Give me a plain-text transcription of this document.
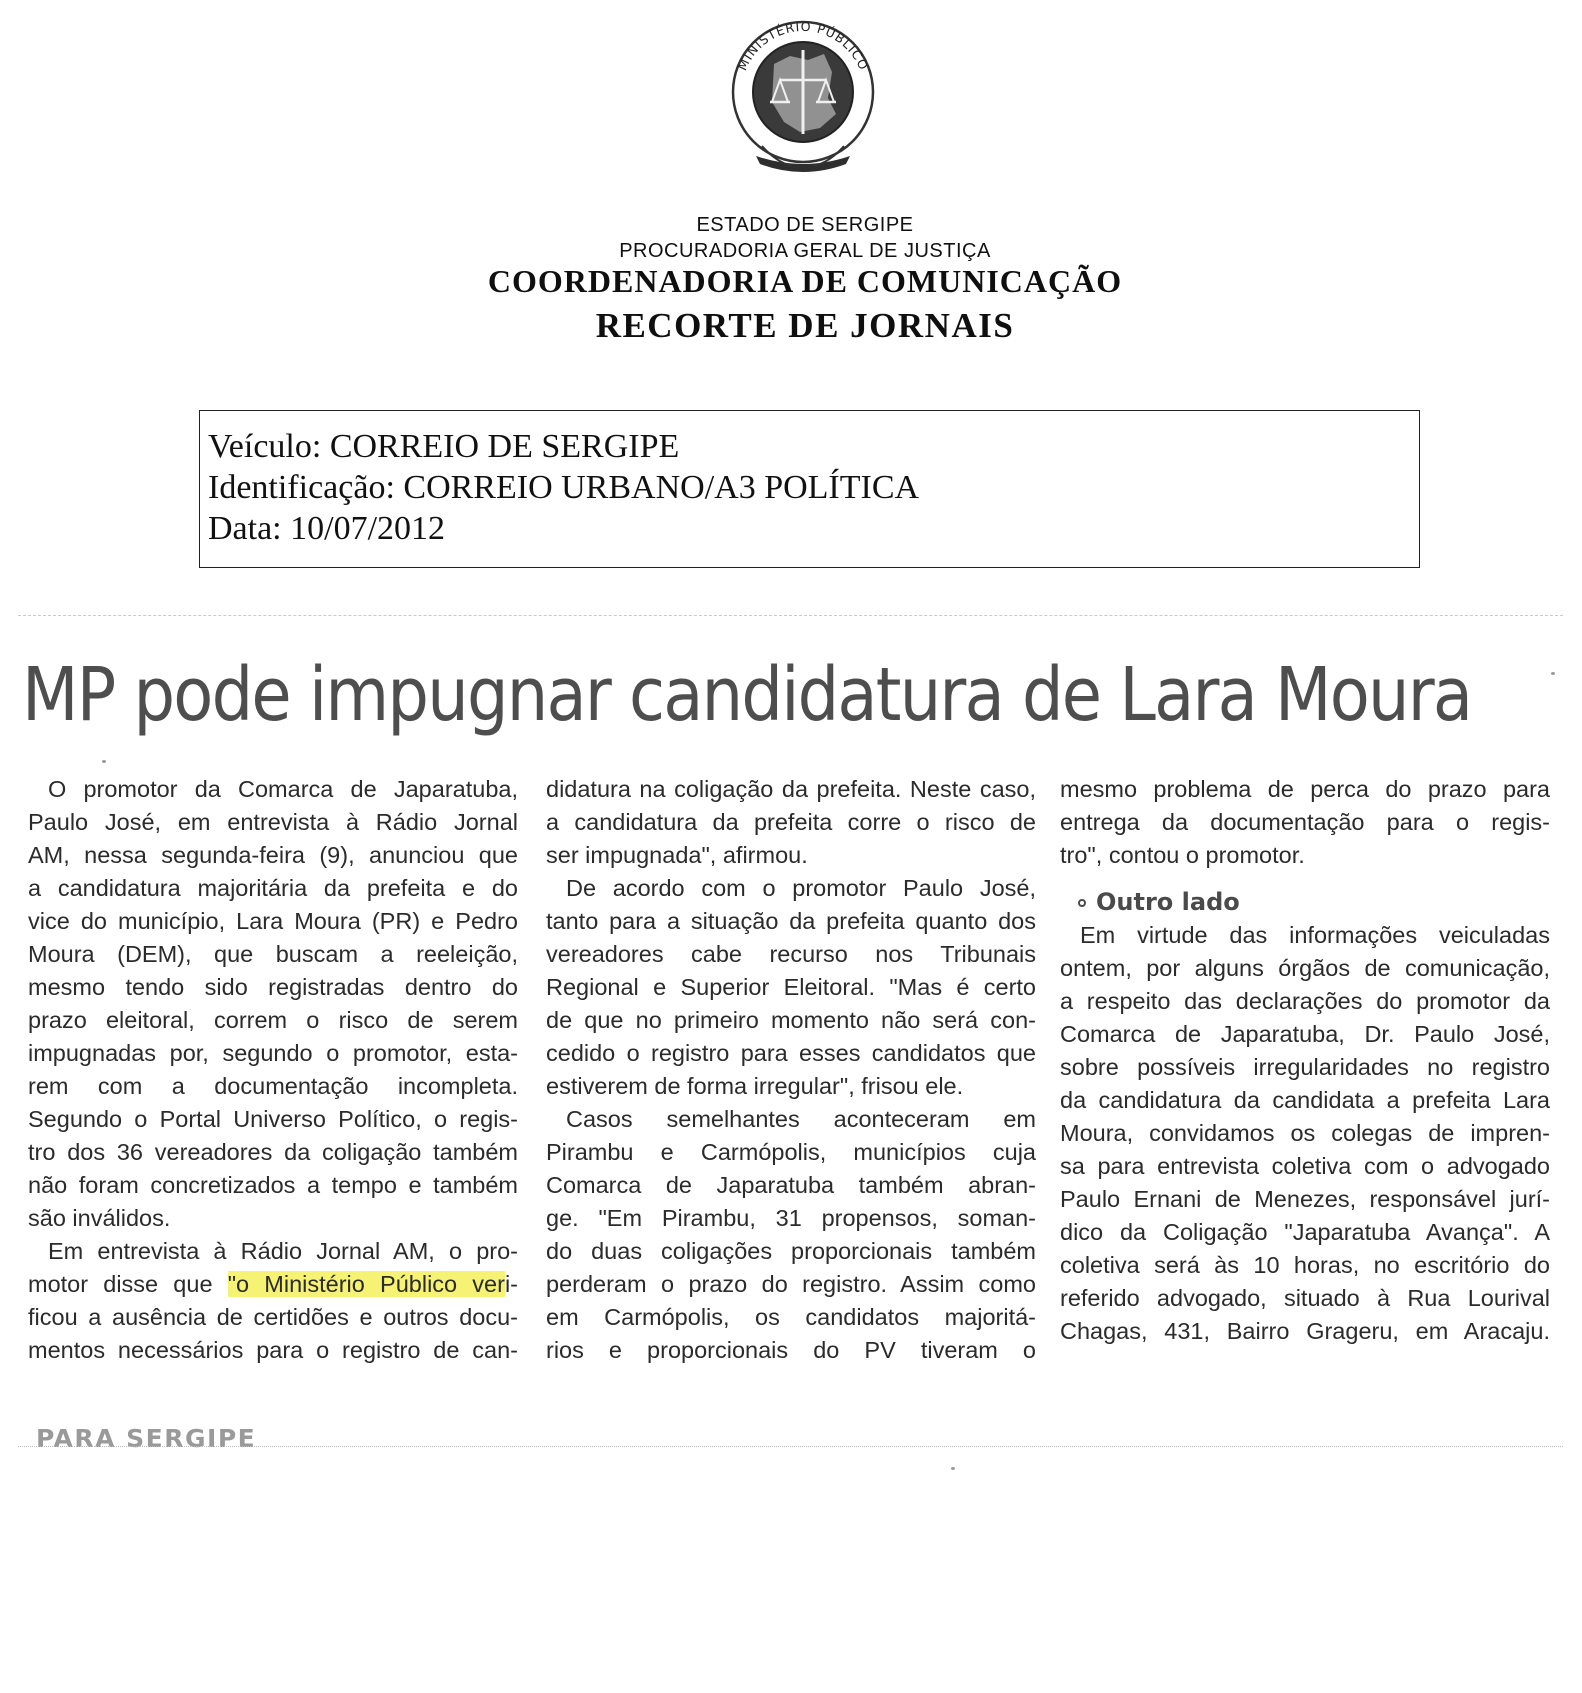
MINISTÉRIO PÚBLICO
ESTADO DE SERGIPE
PROCURADORIA GERAL DE JUSTIÇA
COORDENADORIA DE COMUNICAÇÃO
RECORTE DE JORNAIS
Veículo: CORREIO DE SERGIPE
Identificação: CORREIO URBANO/A3 POLÍTICA
Data: 10/07/2012
MP pode impugnar candidatura de Lara Moura
O promotor da Comarca de Japaratuba,
Paulo José, em entrevista à Rádio Jornal
AM, nessa segunda-feira (9), anunciou que
a candidatura majoritária da prefeita e do
vice do município, Lara Moura (PR) e Pedro
Moura (DEM), que buscam a reeleição,
mesmo tendo sido registradas dentro do
prazo eleitoral, correm o risco de serem
impugnadas por, segundo o promotor, esta-
rem com a documentação incompleta.
Segundo o Portal Universo Político, o regis-
tro dos 36 vereadores da coligação também
não foram concretizados a tempo e também
são inválidos.
Em entrevista à Rádio Jornal AM, o pro-
motor disse que "o Ministério Público veri-
ficou a ausência de certidões e outros docu-
mentos necessários para o registro de can-
didatura na coligação da prefeita. Neste caso,
a candidatura da prefeita corre o risco de
ser impugnada", afirmou.
De acordo com o promotor Paulo José,
tanto para a situação da prefeita quanto dos
vereadores cabe recurso nos Tribunais
Regional e Superior Eleitoral. "Mas é certo
de que no primeiro momento não será con-
cedido o registro para esses candidatos que
estiverem de forma irregular", frisou ele.
Casos semelhantes aconteceram em
Pirambu e Carmópolis, municípios cuja
Comarca de Japaratuba também abran-
ge. "Em Pirambu, 31 propensos, soman-
do duas coligações proporcionais também
perderam o prazo do registro. Assim como
em Carmópolis, os candidatos majoritá-
rios e proporcionais do PV tiveram o
mesmo problema de perca do prazo para
entrega da documentação para o regis-
tro", contou o promotor.
Outro lado
Em virtude das informações veiculadas
ontem, por alguns órgãos de comunicação,
a respeito das declarações do promotor da
Comarca de Japaratuba, Dr. Paulo José,
sobre possíveis irregularidades no registro
da candidatura da candidata a prefeita Lara
Moura, convidamos os colegas de impren-
sa para entrevista coletiva com o advogado
Paulo Ernani de Menezes, responsável jurí-
dico da Coligação "Japaratuba Avança". A
coletiva será às 10 horas, no escritório do
referido advogado, situado à Rua Lourival
Chagas, 431, Bairro Grageru, em Aracaju.
PARA SERGIPE
